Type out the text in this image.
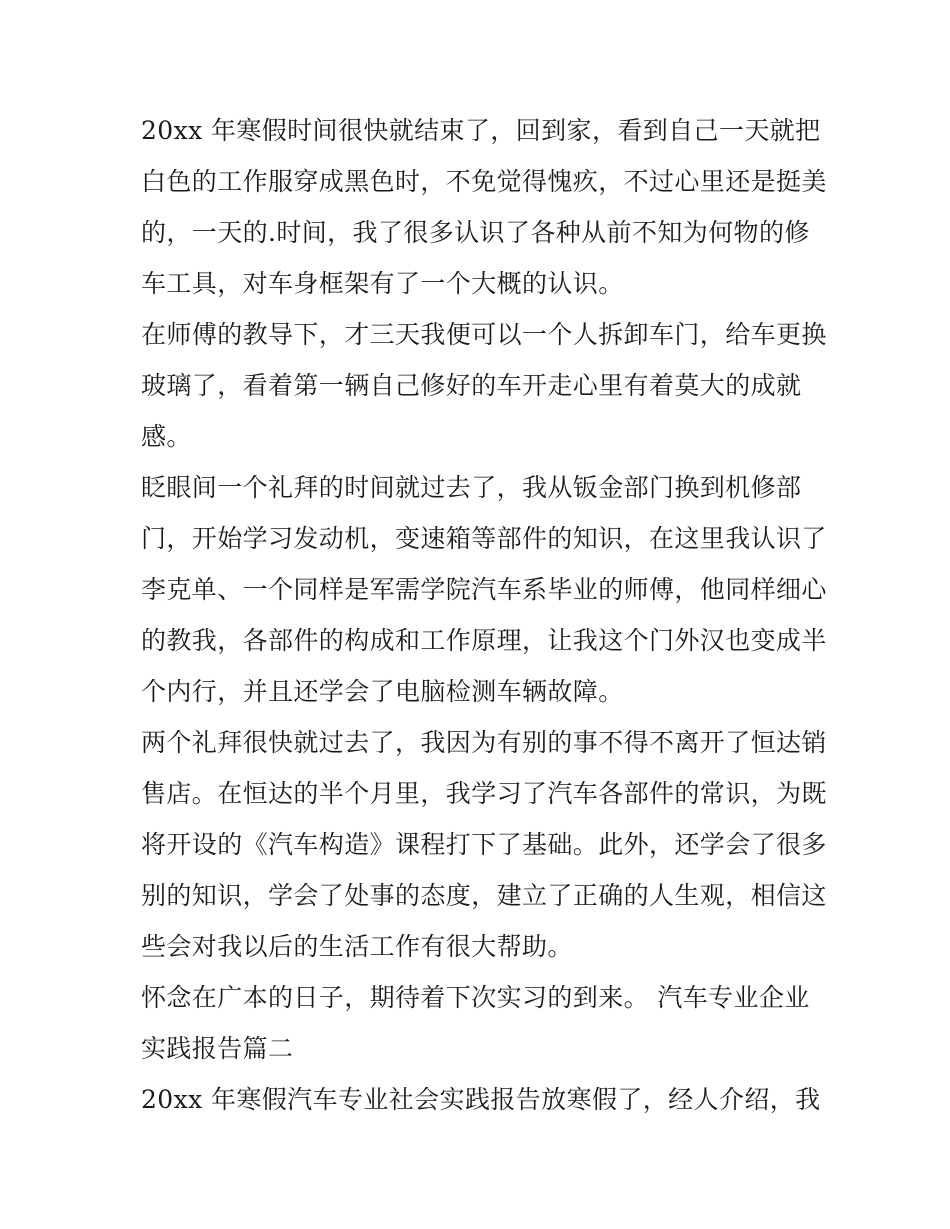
20xx 年寒假时间很快就结束了，回到家，看到自己一天就把
白色的工作服穿成黑色时，不免觉得愧疚，不过心里还是挺美
的，一天的.时间，我了很多认识了各种从前不知为何物的修
车工具，对车身框架有了一个大概的认识。

在师傅的教导下，才三天我便可以一个人拆卸车门，给车更换
玻璃了，看着第一辆自己修好的车开走心里有着莫大的成就
感。

眨眼间一个礼拜的时间就过去了，我从钣金部门换到机修部
门，开始学习发动机，变速箱等部件的知识，在这里我认识了
李克单、一个同样是军需学院汽车系毕业的师傅，他同样细心
的教我，各部件的构成和工作原理，让我这个门外汉也变成半
个内行，并且还学会了电脑检测车辆故障。

两个礼拜很快就过去了，我因为有别的事不得不离开了恒达销
售店。在恒达的半个月里，我学习了汽车各部件的常识，为既
将开设的《汽车构造》课程打下了基础。此外，还学会了很多
别的知识，学会了处事的态度，建立了正确的人生观，相信这
些会对我以后的生活工作有很大帮助。

怀念在广本的日子，期待着下次实习的到来。 汽车专业企业
实践报告篇二

20xx 年寒假汽车专业社会实践报告放寒假了，经人介绍，我
